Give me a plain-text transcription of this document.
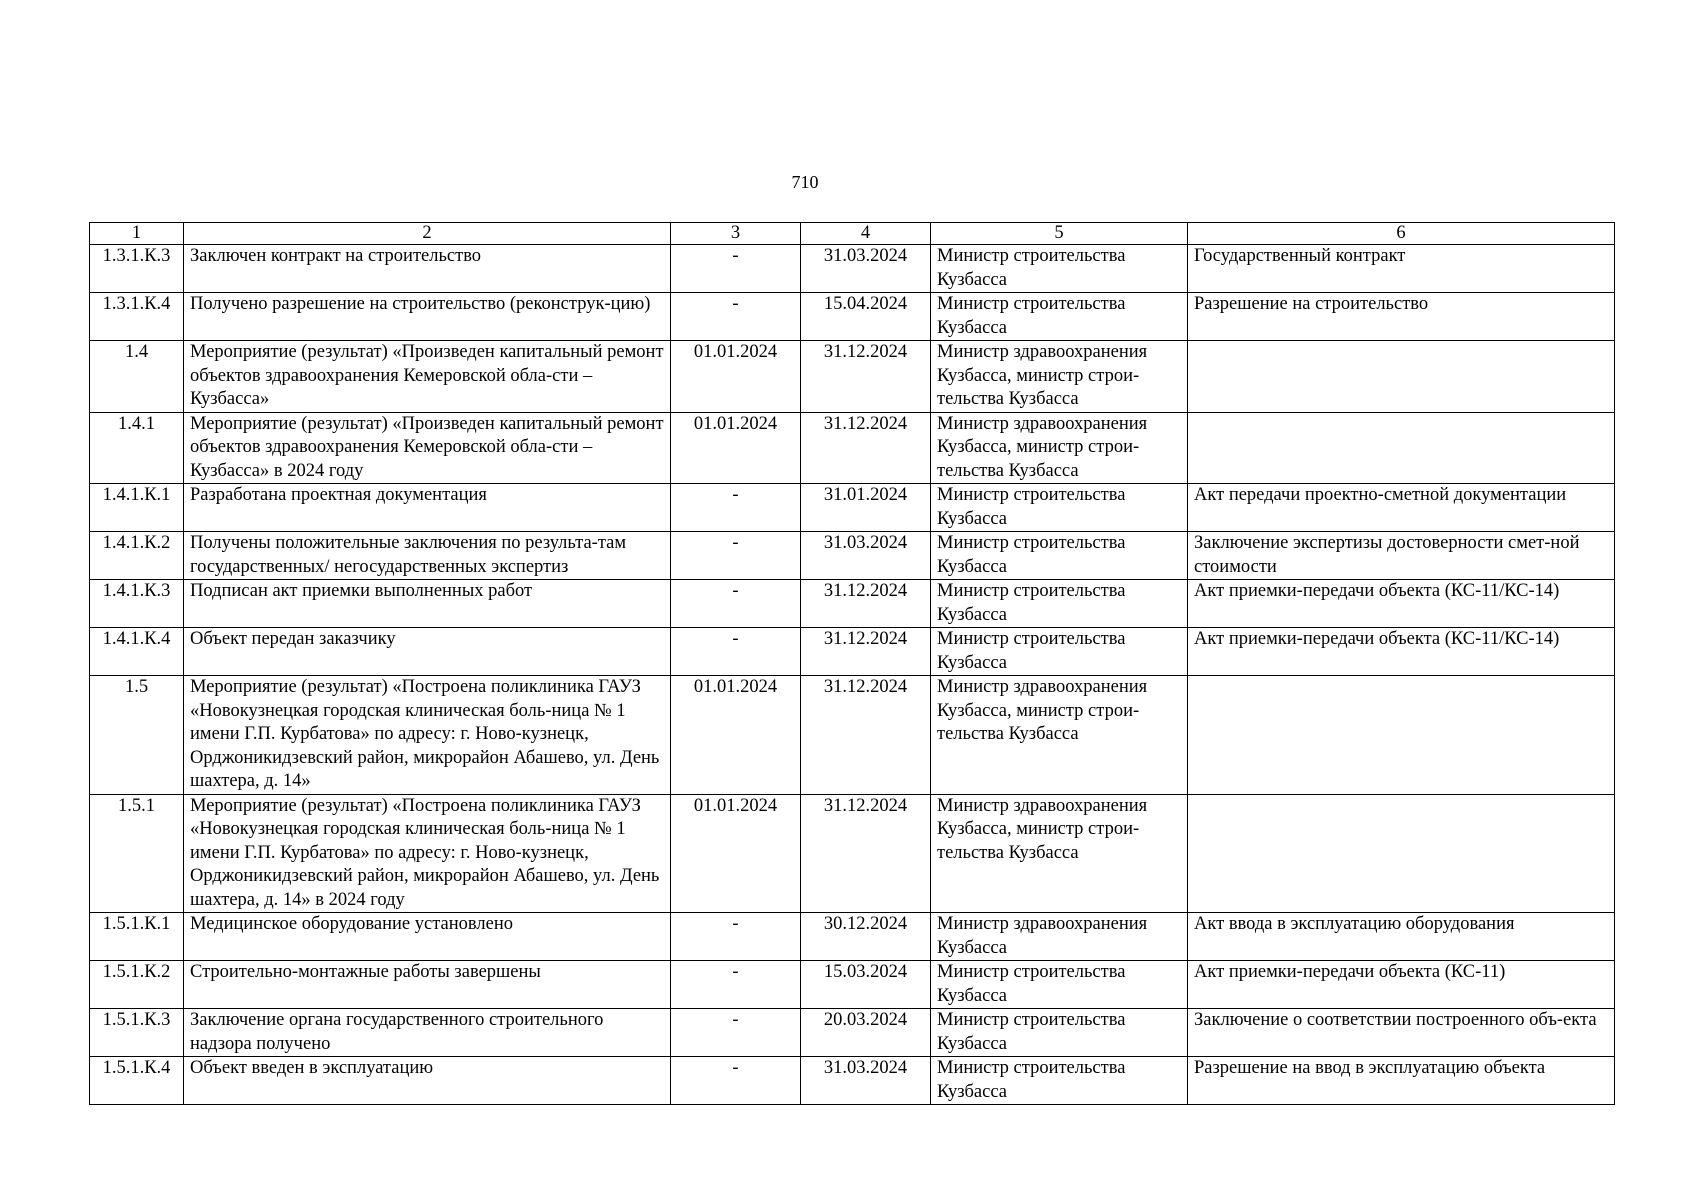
710
1	2	3	4	5	6
1.3.1.К.3	Заключен контракт на строительство	-	31.03.2024	Министр строительства Кузбасса	Государственный контракт
1.3.1.К.4	Получено разрешение на строительство (реконструк-цию)	-	15.04.2024	Министр строительства Кузбасса	Разрешение на строительство
1.4	Мероприятие (результат) «Произведен капитальный ремонт объектов здравоохранения Кемеровской обла-сти – Кузбасса»	01.01.2024	31.12.2024	Министр здравоохранения Кузбасса, министр строи-тельства Кузбасса	
1.4.1	Мероприятие (результат) «Произведен капитальный ремонт объектов здравоохранения Кемеровской обла-сти – Кузбасса» в 2024 году	01.01.2024	31.12.2024	Министр здравоохранения Кузбасса, министр строи-тельства Кузбасса	
1.4.1.К.1	Разработана проектная документация	-	31.01.2024	Министр строительства Кузбасса	Акт передачи проектно-сметной документации
1.4.1.К.2	Получены положительные заключения по результа-там государственных/ негосударственных экспертиз	-	31.03.2024	Министр строительства Кузбасса	Заключение экспертизы достоверности смет-ной стоимости
1.4.1.К.3	Подписан акт приемки выполненных работ	-	31.12.2024	Министр строительства Кузбасса	Акт приемки-передачи объекта (КС-11/КС-14)
1.4.1.К.4	Объект передан заказчику	-	31.12.2024	Министр строительства Кузбасса	Акт приемки-передачи объекта (КС-11/КС-14)
1.5	Мероприятие (результат) «Построена поликлиника ГАУЗ «Новокузнецкая городская клиническая боль-ница № 1 имени Г.П. Курбатова» по адресу: г. Ново-кузнецк, Орджоникидзевский район, микрорайон Абашево, ул. День шахтера, д. 14»	01.01.2024	31.12.2024	Министр здравоохранения Кузбасса, министр строи-тельства Кузбасса	
1.5.1	Мероприятие (результат) «Построена поликлиника ГАУЗ «Новокузнецкая городская клиническая боль-ница № 1 имени Г.П. Курбатова» по адресу: г. Ново-кузнецк, Орджоникидзевский район, микрорайон Абашево, ул. День шахтера, д. 14» в 2024 году	01.01.2024	31.12.2024	Министр здравоохранения Кузбасса, министр строи-тельства Кузбасса	
1.5.1.К.1	Медицинское оборудование установлено	-	30.12.2024	Министр здравоохранения Кузбасса	Акт ввода в эксплуатацию оборудования
1.5.1.К.2	Строительно-монтажные работы завершены	-	15.03.2024	Министр строительства Кузбасса	Акт приемки-передачи объекта (КС-11)
1.5.1.К.3	Заключение органа государственного строительного надзора получено	-	20.03.2024	Министр строительства Кузбасса	Заключение о соответствии построенного объ-екта
1.5.1.К.4	Объект введен в эксплуатацию	-	31.03.2024	Министр строительства Кузбасса	Разрешение на ввод в эксплуатацию объекта
